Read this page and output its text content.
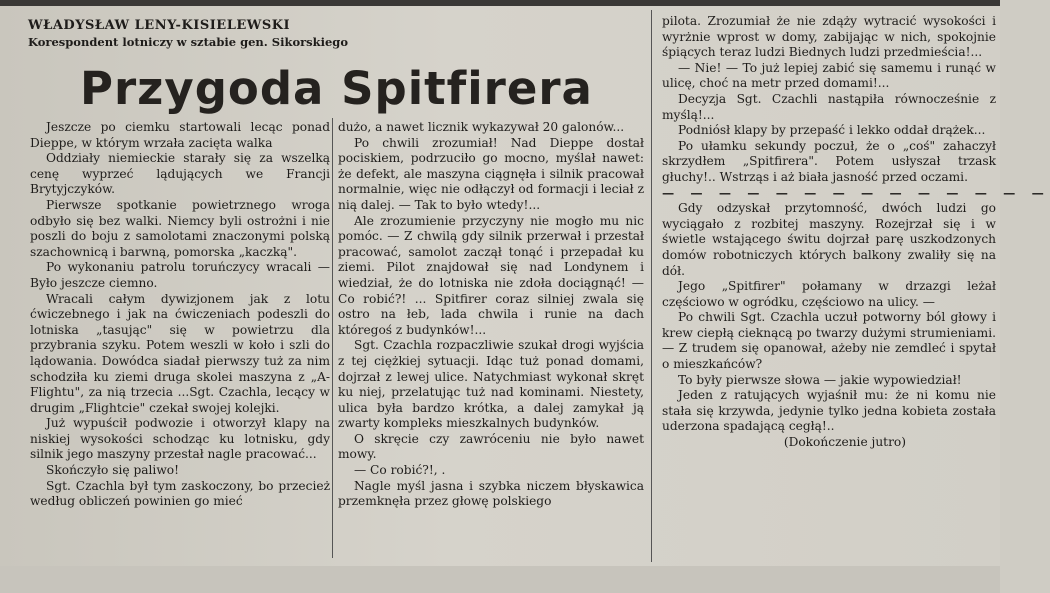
WŁADYSŁAW LENY-KISIELEWSKI
Korespondent lotniczy w sztabie gen. Sikorskiego
Przygoda Spitfirera

Jeszcze po ciemku startowali lecąc ponad Dieppe, w którym wrzała zacięta walka

Oddziały niemieckie starały się za wszelką cenę wyprzeć lądujących we Francji Brytyjczyków.

Pierwsze spotkanie powietrznego wroga odbyło się bez walki. Niemcy byli ostrożni i nie poszli do boju z samolotami znaczonymi polską szachownicą i barwną, pomorska „kaczką".

Po wykonaniu patrolu toruńczycy wracali — Było jeszcze ciemno.

Wracali całym dywizjonem jak z lotu ćwiczebnego i jak na ćwiczeniach podeszli do lotniska „tasując" się w powietrzu dla przybrania szyku. Potem weszli w koło i szli do lądowania. Dowódca siadał pierwszy tuż za nim schodziła ku ziemi druga skolei maszyna z „A-Flightu", za nią trzecia ...Sgt. Czachla, lecący w drugim „Flightcie" czekał swojej kolejki.

Już wypuścił podwozie i otworzył klapy na niskiej wysokości schodząc ku lotnisku, gdy silnik jego maszyny przestał nagle pracować...

Skończyło się paliwo!

Sgt. Czachla był tym zaskoczony, bo przecież według obliczeń powinien go mieć

dużo, a nawet licznik wykazywał 20 galonów...

Po chwili zrozumiał! Nad Dieppe dostał pociskiem, podrzuciło go mocno, myślał nawet: że defekt, ale maszyna ciągnęła i silnik pracował normalnie, więc nie odłączył od formacji i leciał z nią dalej. — Tak to było wtedy!...

Ale zrozumienie przyczyny nie mogło mu nic pomóc. — Z chwilą gdy silnik przerwał i przestał pracować, samolot zaczął tonąć i przepadał ku ziemi. Pilot znajdował się nad Londynem i wiedział, że do lotniska nie zdoła dociągnąć! — Co robić?! ... Spitfirer coraz silniej zwala się ostro na łeb, lada chwila i runie na dach któregoś z budynków!...

Sgt. Czachla rozpaczliwie szukał drogi wyjścia z tej ciężkiej sytuacji. Idąc tuż ponad domami, dojrzał z lewej ulice. Natychmiast wykonał skręt ku niej, przelatując tuż nad kominami. Niestety, ulica była bardzo krótka, a dalej zamykał ją zwarty kompleks mieszkalnych budynków.

O skręcie czy zawróceniu nie było nawet mowy.

— Co robić?!, .

Nagle myśl jasna i szybka niczem błyskawica przemknęła przez głowę polskiego

pilota. Zrozumiał że nie zdąży wytracić wysokości i wyrżnie wprost w domy, zabijając w nich, spokojnie śpiących teraz ludzi Biednych ludzi przedmieścia!...

— Nie! — To już lepiej zabić się samemu i runąć w ulicę, choć na metr przed domami!...

Decyzja Sgt. Czachli nastąpiła równocześnie z myślą!...

Podniósł klapy by przepaść i lekko oddał drążek...

Po ułamku sekundy poczuł, że o „coś" zahaczył skrzydłem „Spitfirera". Potem usłyszał trzask głuchy!.. Wstrząs i aż biała jasność przed oczami.

— — — — — — — — — — — — — —

Gdy odzyskał przytomność, dwóch ludzi go wyciągało z rozbitej maszyny. Rozejrzał się i w świetle wstającego świtu dojrzał parę uszkodzonych domów robotniczych których balkony zwaliły się na dół.

Jego „Spitfirer" połamany w drzazgi leżał częściowo w ogródku, częściowo na ulicy. —

Po chwili Sgt. Czachla uczuł potworny ból głowy i krew ciepłą cieknącą po twarzy dużymi strumieniami. — Z trudem się opanował, ażeby nie zemdleć i spytał o mieszkańców?

To były pierwsze słowa — jakie wypowiedział!

Jeden z ratujących wyjaśnił mu: że ni komu nie stała się krzywda, jedynie tylko jedna kobieta została uderzona spadającą cegłą!..

(Dokończenie jutro)
